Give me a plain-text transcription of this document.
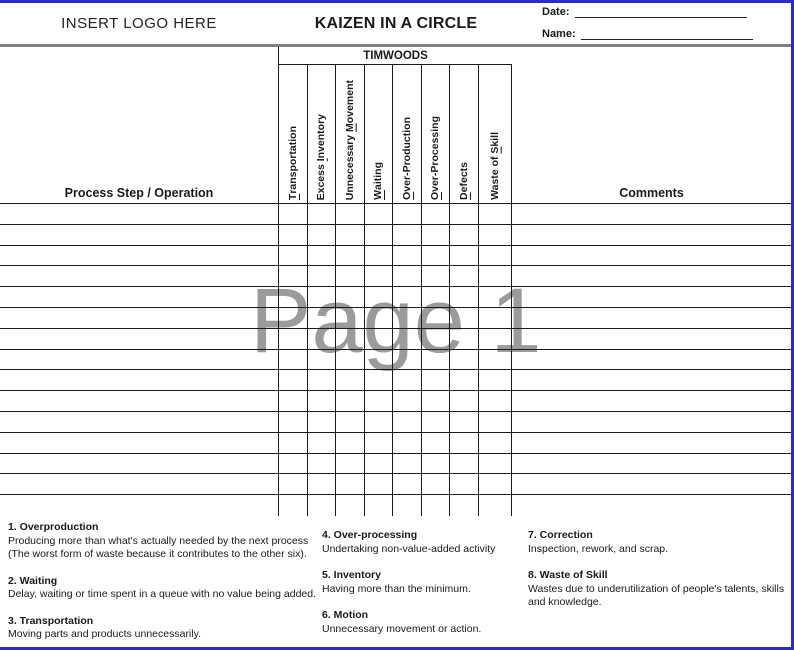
INSERT LOGO HERE	KAIZEN IN A CIRCLE
Date:
Name:
Page 1
Process Step / Operation
TIMWOODS
Transportation Excess Inventory Unnecessary Movement
Waiting
Over-Production
Over-Processing
Defects Waste of Skill
Comments
1. Overproduction
Producing more than what's actually needed by the next process (The worst form of waste because it contributes to the other six).
2. Waiting
Delay, waiting or time spent in a queue with no value being added.
3. Transportation
Moving parts and products unnecessarily.
4. Over-processing
Undertaking non-value-added activity
5. Inventory
Having more than the minimum.
6. Motion
Unnecessary movement or action.
7. Correction
Inspection, rework, and scrap.
8. Waste of Skill
Wastes due to underutilization of people's talents, skills and knowledge.
